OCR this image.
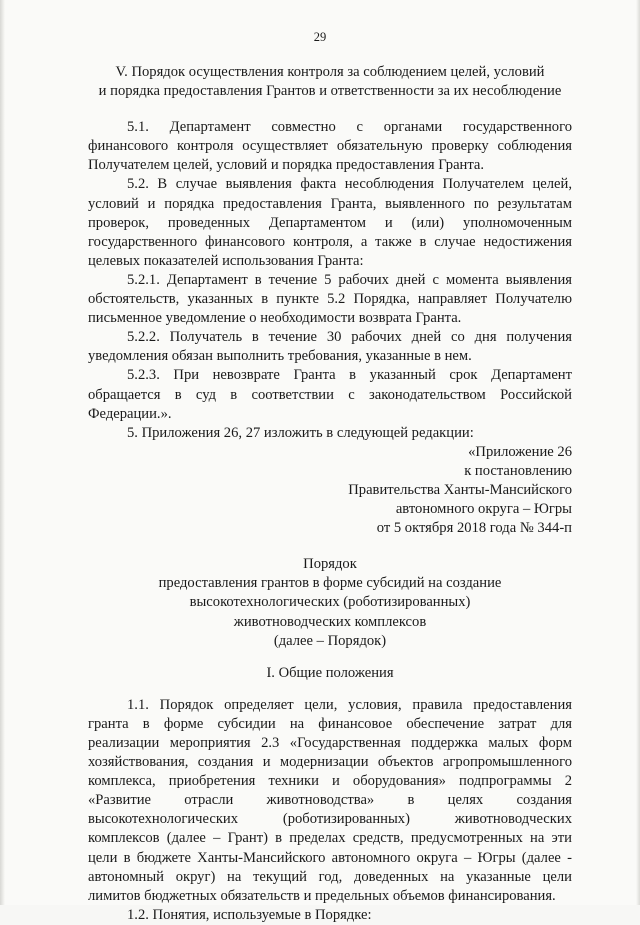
29

V. Порядок осуществления контроля за соблюдением целей, условий

и порядка предоставления Грантов и ответственности за их несоблюдение

5.1. Департамент совместно с органами государственного

финансового контроля осуществляет обязательную проверку соблюдения

Получателем целей, условий и порядка предоставления Гранта.

5.2. В случае выявления факта несоблюдения Получателем целей,

условий и порядка предоставления Гранта, выявленного по результатам

проверок, проведенных Департаментом и (или) уполномоченным

государственного финансового контроля, а также в случае недостижения

целевых показателей использования Гранта:

5.2.1. Департамент в течение 5 рабочих дней с момента выявления

обстоятельств, указанных в пункте 5.2 Порядка, направляет Получателю

письменное уведомление о необходимости возврата Гранта.

5.2.2. Получатель в течение 30 рабочих дней со дня получения

уведомления обязан выполнить требования, указанные в нем.

5.2.3. При невозврате Гранта в указанный срок Департамент

обращается в суд в соответствии с законодательством Российской

Федерации.».

5. Приложения 26, 27 изложить в следующей редакции:

«Приложение 26

к постановлению

Правительства Ханты-Мансийского

автономного округа – Югры

от 5 октября 2018 года № 344-п

Порядок

предоставления грантов в форме субсидий на создание

высокотехнологических (роботизированных)

животноводческих комплексов

(далее – Порядок)

I. Общие положения

1.1. Порядок определяет цели, условия, правила предоставления

гранта в форме субсидии на финансовое обеспечение затрат для

реализации мероприятия 2.3 «Государственная поддержка малых форм

хозяйствования, создания и модернизации объектов агропромышленного

комплекса, приобретения техники и оборудования» подпрограммы 2

«Развитие отрасли животноводства» в целях создания

высокотехнологических (роботизированных) животноводческих

комплексов (далее – Грант) в пределах средств, предусмотренных на эти

цели в бюджете Ханты-Мансийского автономного округа – Югры (далее -

автономный округ) на текущий год, доведенных на указанные цели

лимитов бюджетных обязательств и предельных объемов финансирования.

1.2. Понятия, используемые в Порядке:
